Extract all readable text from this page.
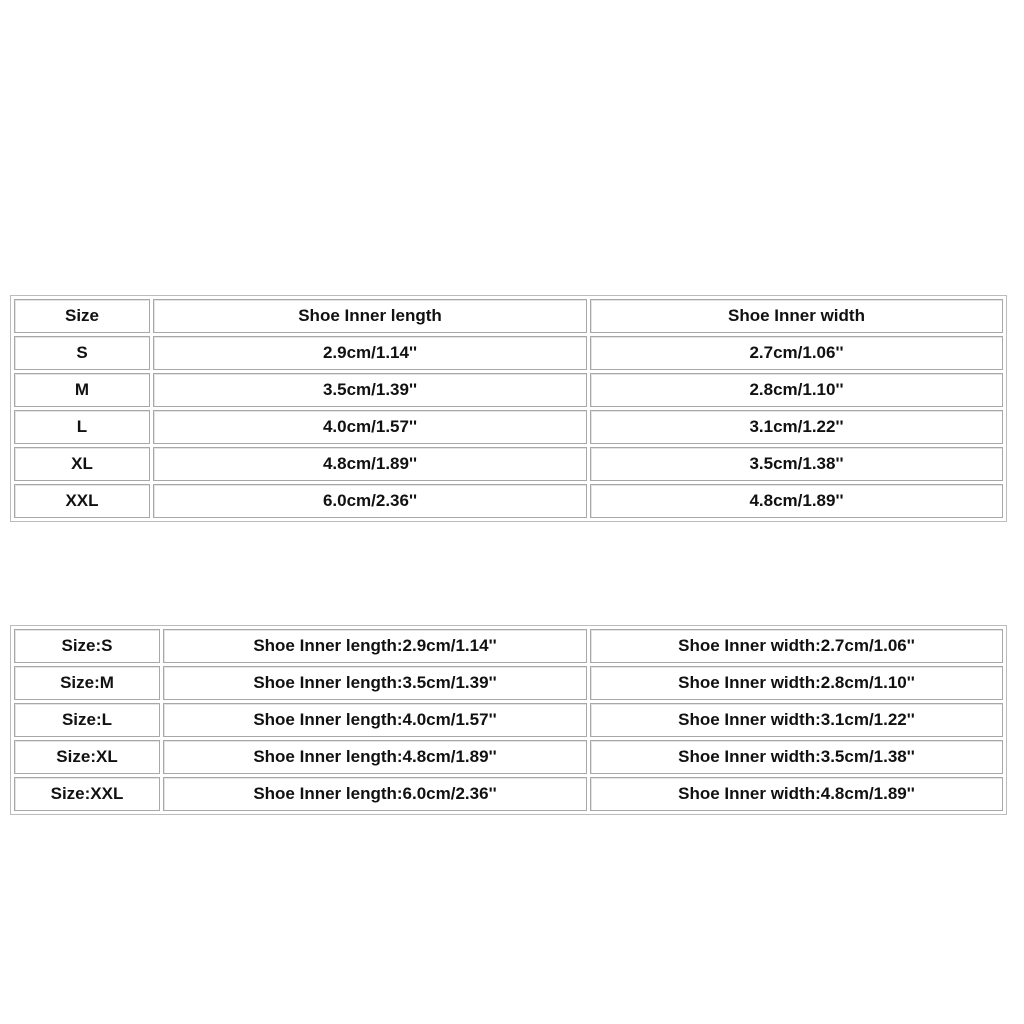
Size	Shoe Inner length	Shoe Inner width
S	2.9cm/1.14''	2.7cm/1.06''
M	3.5cm/1.39''	2.8cm/1.10''
L	4.0cm/1.57''	3.1cm/1.22''
XL	4.8cm/1.89''	3.5cm/1.38''
XXL	6.0cm/2.36''	4.8cm/1.89''
Size:S	Shoe Inner length:2.9cm/1.14''	Shoe Inner width:2.7cm/1.06''
Size:M	Shoe Inner length:3.5cm/1.39''	Shoe Inner width:2.8cm/1.10''
Size:L	Shoe Inner length:4.0cm/1.57''	Shoe Inner width:3.1cm/1.22''
Size:XL	Shoe Inner length:4.8cm/1.89''	Shoe Inner width:3.5cm/1.38''
Size:XXL	Shoe Inner length:6.0cm/2.36''	Shoe Inner width:4.8cm/1.89''
